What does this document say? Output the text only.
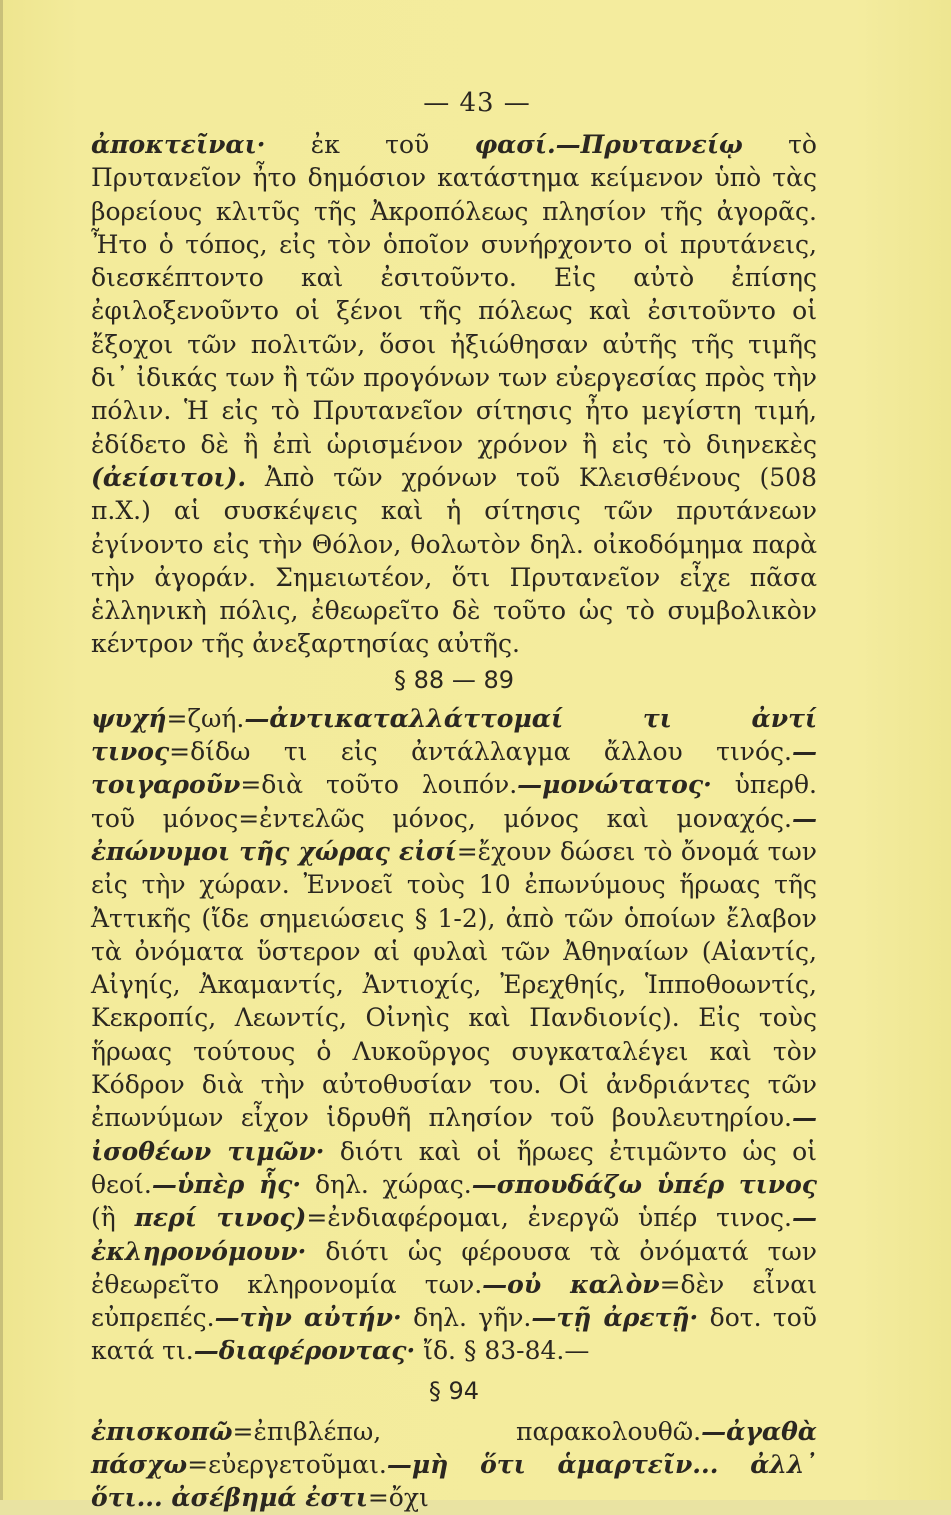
— 43 —

ἀποκτεῖναι· ἐκ τοῦ φασί.—Πρυτανείῳ τὸ Πρυτανεῖον ἦτο δημόσιον κατάστημα κείμενον ὑπὸ τὰς βορείους κλιτῦς τῆς Ἀκροπόλεως πλησίον τῆς ἀγορᾶς. Ἦτο ὁ τόπος, εἰς τὸν ὁποῖον συνήρχοντο οἱ πρυτάνεις, διεσκέπτοντο καὶ ἐσιτοῦντο. Εἰς αὐτὸ ἐπίσης ἐφιλοξενοῦντο οἱ ξένοι τῆς πόλεως καὶ ἐσιτοῦντο οἱ ἔξοχοι τῶν πολιτῶν, ὅσοι ἠξιώθησαν αὐτῆς τῆς τιμῆς δι᾽ ἰδικάς των ἢ τῶν προγόνων των εὐεργεσίας πρὸς τὴν πόλιν. Ἡ εἰς τὸ Πρυτανεῖον σίτησις ἦτο μεγίστη τιμή, ἐδίδετο δὲ ἢ ἐπὶ ὡρισμένον χρόνον ἢ εἰς τὸ διηνεκὲς (ἀείσιτοι). Ἀπὸ τῶν χρόνων τοῦ Κλεισθένους (508 π.Χ.) αἱ συσκέψεις καὶ ἡ σίτησις τῶν πρυτάνεων ἐγίνοντο εἰς τὴν Θόλον, θολωτὸν δηλ. οἰκοδόμημα παρὰ τὴν ἀγοράν. Σημειωτέον, ὅτι Πρυτανεῖον εἶχε πᾶσα ἑλληνικὴ πόλις, ἐθεωρεῖτο δὲ τοῦτο ὡς τὸ συμβολικὸν κέντρον τῆς ἀνεξαρτησίας αὐτῆς.

§ 88 — 89

ψυχή=ζωή.—ἀντικαταλλάττομαί τι ἀντί τινος=δίδω τι εἰς ἀντάλλαγμα ἄλλου τινός.—τοιγαροῦν=διὰ τοῦτο λοιπόν.—μονώτατος· ὑπερθ. τοῦ μόνος=ἐντελῶς μόνος, μόνος καὶ μοναχός.— ἐπώνυμοι τῆς χώρας εἰσί=ἔχουν δώσει τὸ ὄνομά των εἰς τὴν χώραν. Ἐννοεῖ τοὺς 10 ἐπωνύμους ἥρωας τῆς Ἀττικῆς (ἴδε σημειώσεις § 1-2), ἀπὸ τῶν ὁποίων ἔλαβον τὰ ὀνόματα ὕστερον αἱ φυλαὶ τῶν Ἀθηναίων (Αἰαντίς, Αἰγηίς, Ἀκαμαντίς, Ἀντιοχίς, Ἐρεχθηίς, Ἱπποθοωντίς, Κεκροπίς, Λεωντίς, Οἰνηὶς καὶ Πανδιονίς). Εἰς τοὺς ἥρωας τούτους ὁ Λυκοῦργος συγκαταλέγει καὶ τὸν Κόδρον διὰ τὴν αὐτοθυσίαν του. Οἱ ἀνδριάντες τῶν ἐπωνύμων εἶχον ἱδρυθῆ πλησίον τοῦ βουλευτηρίου.—ἰσοθέων τιμῶν· διότι καὶ οἱ ἥρωες ἐτιμῶντο ὡς οἱ θεοί.—ὑπὲρ ἧς· δηλ. χώρας.—σπουδάζω ὑπέρ τινος (ἢ περί τινος)=ἐνδιαφέρομαι, ἐνεργῶ ὑπέρ τινος.—ἐκληρονόμουν· διότι ὡς φέρουσα τὰ ὀνόματά των ἐθεωρεῖτο κληρονομία των.—οὐ καλὸν=δὲν εἶναι εὐπρεπές.—τὴν αὐτήν· δηλ. γῆν.—τῇ ἀρετῇ· δοτ. τοῦ κατά τι.—διαφέροντας· ἴδ. § 83-84.—

§ 94

ἐπισκοπῶ=ἐπιβλέπω, παρακολουθῶ.—ἀγαθὰ πάσχω=εὐεργετοῦμαι.—μὴ ὅτι ἁμαρτεῖν... ἀλλ᾽ ὅτι... ἀσέβημά ἐστι=ὄχι
